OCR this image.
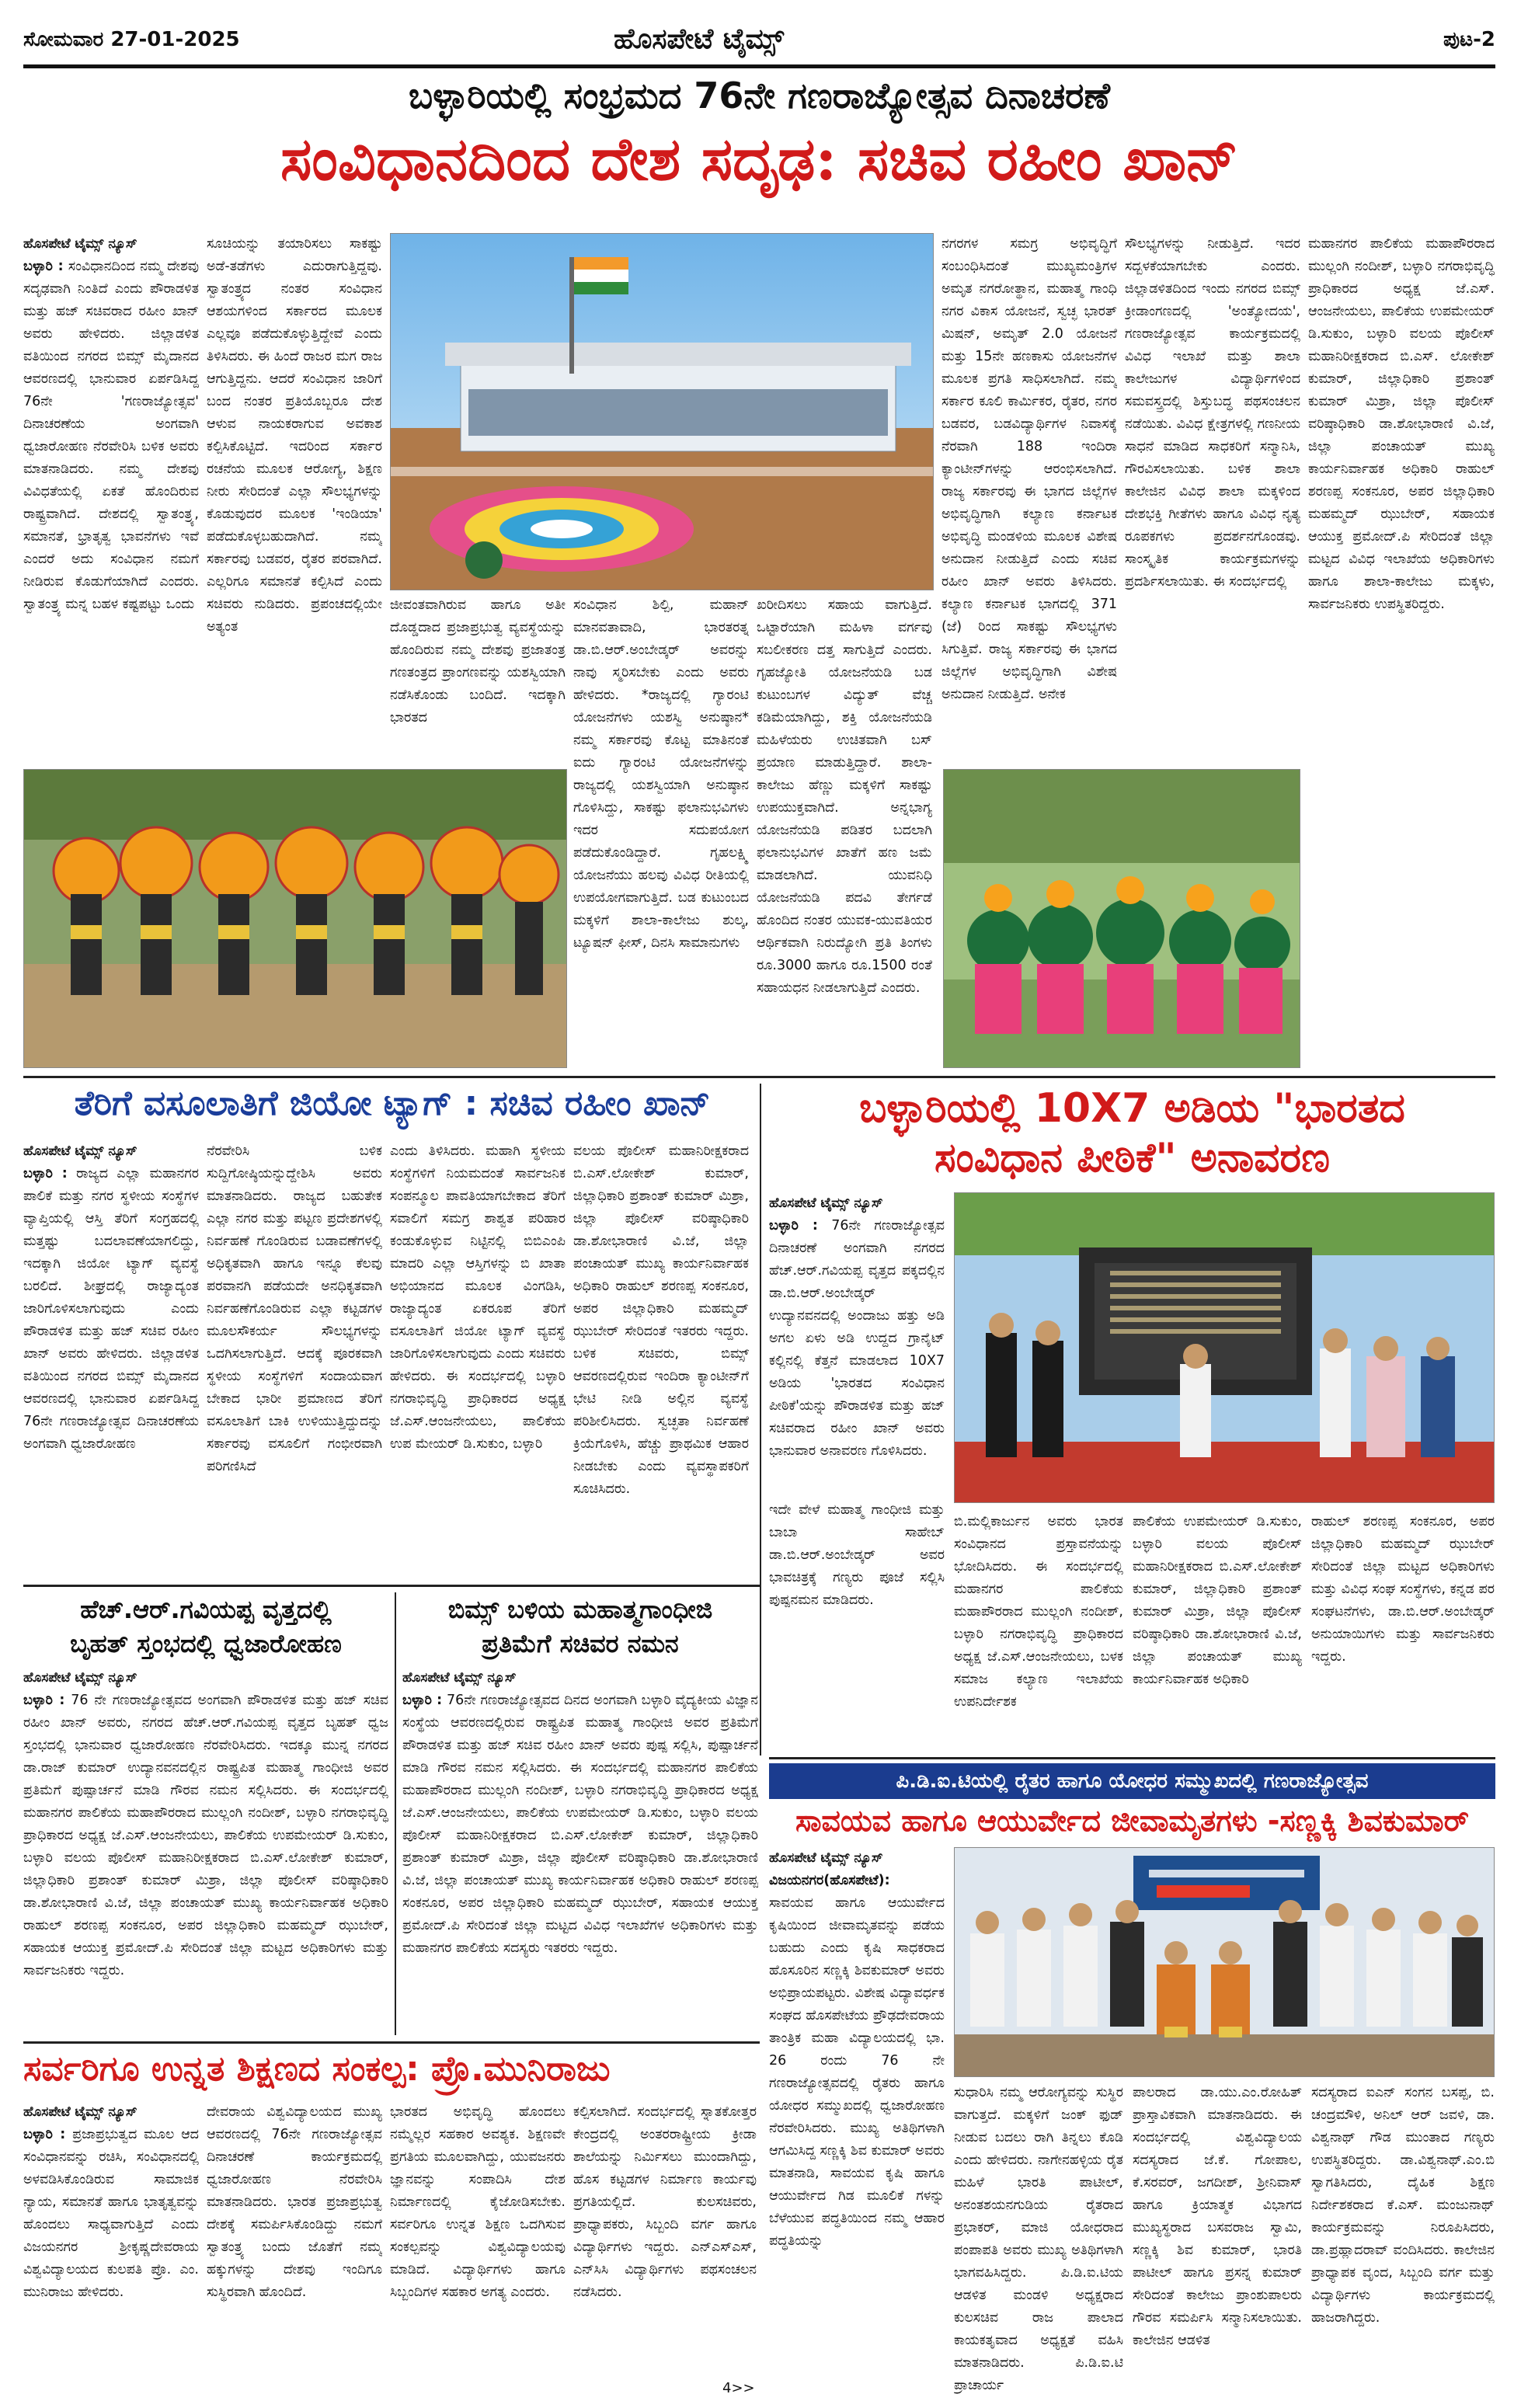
ಸೋಮವಾರ 27-01-2025	ಹೊಸಪೇಟೆ ಟೈಮ್ಸ್	ಪುಟ-2
ಬಳ್ಳಾರಿಯಲ್ಲಿ ಸಂಭ್ರಮದ 76ನೇ ಗಣರಾಜ್ಯೋತ್ಸವ ದಿನಾಚರಣೆ
ಸಂವಿಧಾನದಿಂದ ದೇಶ ಸದೃಢ: ಸಚಿವ ರಹೀಂ ಖಾನ್
ಹೊಸಪೇಟೆ ಟೈಮ್ಸ್ ನ್ಯೂಸ್
ಬಳ್ಳಾರಿ : ಸಂವಿಧಾನದಿಂದ ನಮ್ಮ ದೇಶವು ಸದೃಢವಾಗಿ ನಿಂತಿದೆ ಎಂದು ಪೌರಾಡಳಿತ ಮತ್ತು ಹಜ್ ಸಚಿವರಾದ ರಹೀಂ ಖಾನ್ ಅವರು ಹೇಳಿದರು. ಜಿಲ್ಲಾಡಳಿತ ವತಿಯಿಂದ ನಗರದ ಬಿಮ್ಸ್ ಮೈದಾನದ ಆವರಣದಲ್ಲಿ ಭಾನುವಾರ ಏರ್ಪಡಿಸಿದ್ದ 76ನೇ 'ಗಣರಾಜ್ಯೋತ್ಸವ' ದಿನಾಚರಣೆಯ ಅಂಗವಾಗಿ ಧ್ವಜಾರೋಹಣ ನೆರವೇರಿಸಿ ಬಳಿಕ ಅವರು ಮಾತನಾಡಿದರು. ನಮ್ಮ ದೇಶವು ವಿವಿಧತೆಯಲ್ಲಿ ಏಕತೆ ಹೊಂದಿರುವ ರಾಷ್ಟ್ರವಾಗಿದೆ. ದೇಶದಲ್ಲಿ ಸ್ವಾತಂತ್ರ್ಯ, ಸಮಾನತೆ, ಭ್ರಾತೃತ್ವ ಭಾವನೆಗಳು ಇವೆ ಎಂದರೆ ಅದು ಸಂವಿಧಾನ ನಮಗೆ ನೀಡಿರುವ ಕೊಡುಗೆಯಾಗಿದೆ ಎಂದರು. ಸ್ವಾತಂತ್ರ್ಯ ಮನ್ನ ಬಹಳ ಕಷ್ಟಪಟ್ಟು ಒಂದು
ಸೂಚಿಯನ್ನು ತಯಾರಿಸಲು ಸಾಕಷ್ಟು ಅಡೆ-ತಡೆಗಳು ಎದುರಾಗುತ್ತಿದ್ದವು. ಸ್ವಾತಂತ್ರ್ಯದ ನಂತರ ಸಂವಿಧಾನ ಆಶಯಗಳಿಂದ ಸರ್ಕಾರದ ಮೂಲಕ ಎಲ್ಲವೂ ಪಡೆದುಕೊಳ್ಳುತ್ತಿದ್ದೇವೆ ಎಂದು ತಿಳಿಸಿದರು. ಈ ಹಿಂದೆ ರಾಜರ ಮಗ ರಾಜ ಆಗುತ್ತಿದ್ದನು. ಆದರೆ ಸಂವಿಧಾನ ಜಾರಿಗೆ ಬಂದ ನಂತರ ಪ್ರತಿಯೊಬ್ಬರೂ ದೇಶ ಆಳುವ ನಾಯಕರಾಗುವ ಅವಕಾಶ ಕಲ್ಪಿಸಿಕೊಟ್ಟಿದೆ. ಇದರಿಂದ ಸರ್ಕಾರ ರಚನೆಯ ಮೂಲಕ ಆರೋಗ್ಯ, ಶಿಕ್ಷಣ ನೀರು ಸೇರಿದಂತೆ ಎಲ್ಲಾ ಸೌಲಭ್ಯಗಳನ್ನು ಕೊಡುವುದರ ಮೂಲಕ 'ಇಂಡಿಯಾ' ಪಡೆದುಕೊಳ್ಳಬಹುದಾಗಿದೆ. ನಮ್ಮ ಸರ್ಕಾರವು ಬಡವರ, ರೈತರ ಪರವಾಗಿದೆ. ಎಲ್ಲರಿಗೂ ಸಮಾನತೆ ಕಲ್ಪಿಸಿದೆ ಎಂದು ಸಚಿವರು ನುಡಿದರು. ಪ್ರಪಂಚದಲ್ಲಿಯೇ ಅತ್ಯಂತ
ಜೀವಂತವಾಗಿರುವ ಹಾಗೂ ಅತೀ ದೊಡ್ಡದಾದ ಪ್ರಜಾಪ್ರಭುತ್ವ ವ್ಯವಸ್ಥೆಯನ್ನು ಹೊಂದಿರುವ ನಮ್ಮ ದೇಶವು ಪ್ರಜಾತಂತ್ರ ಗಣತಂತ್ರದ ಪ್ರಾಂಗಣವನ್ನು ಯಶಸ್ವಿಯಾಗಿ ನಡೆಸಿಕೊಂಡು ಬಂದಿದೆ. ಇದಕ್ಕಾಗಿ ಭಾರತದ
ಸಂವಿಧಾನ ಶಿಲ್ಪಿ, ಮಹಾನ್ ಮಾನವತಾವಾದಿ, ಭಾರತರತ್ನ ಡಾ.ಬಿ.ಆರ್.ಅಂಬೇಡ್ಕರ್ ಅವರನ್ನು ನಾವು ಸ್ಮರಿಸಬೇಕು ಎಂದು ಅವರು ಹೇಳಿದರು. *ರಾಜ್ಯದಲ್ಲಿ ಗ್ಯಾರಂಟಿ ಯೋಜನೆಗಳು ಯಶಸ್ವಿ ಅನುಷ್ಠಾನ* ನಮ್ಮ ಸರ್ಕಾರವು ಕೊಟ್ಟ ಮಾತಿನಂತೆ ಐದು ಗ್ಯಾರಂಟಿ ಯೋಜನೆಗಳನ್ನು ರಾಜ್ಯದಲ್ಲಿ ಯಶಸ್ವಿಯಾಗಿ ಅನುಷ್ಠಾನ ಗೊಳಿಸಿದ್ದು, ಸಾಕಷ್ಟು ಫಲಾನುಭವಿಗಳು ಇದರ ಸದುಪಯೋಗ ಪಡೆದುಕೊಂಡಿದ್ದಾರೆ. ಗೃಹಲಕ್ಷ್ಮಿ ಯೋಜನೆಯು ಹಲವು ವಿವಿಧ ರೀತಿಯಲ್ಲಿ ಉಪಯೋಗವಾಗುತ್ತಿದೆ. ಬಡ ಕುಟುಂಬದ ಮಕ್ಕಳಿಗೆ ಶಾಲಾ-ಕಾಲೇಜು ಶುಲ್ಕ, ಟ್ಯೂಷನ್ ಫೀಸ್, ದಿನಸಿ ಸಾಮಾನುಗಳು
ಖರೀದಿಸಲು ಸಹಾಯ ವಾಗುತ್ತಿದೆ. ಒಟ್ಟಾರೆಯಾಗಿ ಮಹಿಳಾ ವರ್ಗವು ಸಬಲೀಕರಣ ದತ್ತ ಸಾಗುತ್ತಿದೆ ಎಂದರು. ಗೃಹಜ್ಯೋತಿ ಯೋಜನೆಯಡಿ ಬಡ ಕುಟುಂಬಗಳ ವಿದ್ಯುತ್ ವೆಚ್ಚ ಕಡಿಮೆಯಾಗಿದ್ದು, ಶಕ್ತಿ ಯೋಜನೆಯಡಿ ಮಹಿಳೆಯರು ಉಚಿತವಾಗಿ ಬಸ್ ಪ್ರಯಾಣ ಮಾಡುತ್ತಿದ್ದಾರೆ. ಶಾಲಾ-ಕಾಲೇಜು ಹೆಣ್ಣು ಮಕ್ಕಳಿಗೆ ಸಾಕಷ್ಟು ಉಪಯುಕ್ತವಾಗಿದೆ. ಅನ್ನಭಾಗ್ಯ ಯೋಜನೆಯಡಿ ಪಡಿತರ ಬದಲಾಗಿ ಫಲಾನುಭವಿಗಳ ಖಾತೆಗೆ ಹಣ ಜಮೆ ಮಾಡಲಾಗಿದೆ. ಯುವನಿಧಿ ಯೋಜನೆಯಡಿ ಪದವಿ ತೇರ್ಗಡೆ ಹೊಂದಿದ ನಂತರ ಯುವಕ-ಯುವತಿಯರ ಆರ್ಥಿಕವಾಗಿ ನಿರುದ್ಯೋಗಿ ಪ್ರತಿ ತಿಂಗಳು ರೂ.3000 ಹಾಗೂ ರೂ.1500 ರಂತೆ ಸಹಾಯಧನ ನೀಡಲಾಗುತ್ತಿದೆ ಎಂದರು.
ನಗರಗಳ ಸಮಗ್ರ ಅಭಿವೃದ್ಧಿಗೆ ಸಂಬಂಧಿಸಿದಂತೆ ಮುಖ್ಯಮಂತ್ರಿಗಳ ಅಮೃತ ನಗರೋತ್ಥಾನ, ಮಹಾತ್ಮ ಗಾಂಧಿ ನಗರ ವಿಕಾಸ ಯೋಜನೆ, ಸ್ವಚ್ಛ ಭಾರತ್ ಮಿಷನ್, ಅಮೃತ್ 2.0 ಯೋಜನೆ ಮತ್ತು 15ನೇ ಹಣಕಾಸು ಯೋಜನೆಗಳ ಮೂಲಕ ಪ್ರಗತಿ ಸಾಧಿಸಲಾಗಿದೆ. ನಮ್ಮ ಸರ್ಕಾರ ಕೂಲಿ ಕಾರ್ಮಿಕರ, ರೈತರ, ನಗರ ಬಡವರ, ಬಡವಿದ್ಯಾರ್ಥಿಗಳ ನಿವಾಸಕ್ಕೆ ನೆರವಾಗಿ 188 ಇಂದಿರಾ ಕ್ಯಾಂಟೀನ್‌ಗಳನ್ನು ಆರಂಭಿಸಲಾಗಿದೆ. ರಾಜ್ಯ ಸರ್ಕಾರವು ಈ ಭಾಗದ ಜಿಲ್ಲೆಗಳ ಅಭಿವೃದ್ಧಿಗಾಗಿ ಕಲ್ಯಾಣ ಕರ್ನಾಟಕ ಅಭಿವೃದ್ಧಿ ಮಂಡಳಿಯ ಮೂಲಕ ವಿಶೇಷ ಅನುದಾನ ನೀಡುತ್ತಿದೆ ಎಂದು ಸಚಿವ ರಹೀಂ ಖಾನ್ ಅವರು ತಿಳಿಸಿದರು. ಕಲ್ಯಾಣ ಕರ್ನಾಟಕ ಭಾಗದಲ್ಲಿ 371 (ಜೆ) ರಿಂದ ಸಾಕಷ್ಟು ಸೌಲಭ್ಯಗಳು ಸಿಗುತ್ತಿವೆ. ರಾಜ್ಯ ಸರ್ಕಾರವು ಈ ಭಾಗದ ಜಿಲ್ಲೆಗಳ ಅಭಿವೃದ್ಧಿಗಾಗಿ ವಿಶೇಷ ಅನುದಾನ ನೀಡುತ್ತಿದೆ. ಅನೇಕ
ಸೌಲಭ್ಯಗಳನ್ನು ನೀಡುತ್ತಿದೆ. ಇದರ ಸದ್ಬಳಕೆಯಾಗಬೇಕು ಎಂದರು. ಜಿಲ್ಲಾಡಳಿತದಿಂದ ಇಂದು ನಗರದ ಬಿಮ್ಸ್ ಕ್ರೀಡಾಂಗಣದಲ್ಲಿ 'ಅಂತ್ಯೋದಯ', ಗಣರಾಜ್ಯೋತ್ಸವ ಕಾರ್ಯಕ್ರಮದಲ್ಲಿ ವಿವಿಧ ಇಲಾಖೆ ಮತ್ತು ಶಾಲಾ ಕಾಲೇಜುಗಳ ವಿದ್ಯಾರ್ಥಿಗಳಿಂದ ಸಮವಸ್ತ್ರದಲ್ಲಿ ಶಿಸ್ತುಬದ್ಧ ಪಥಸಂಚಲನ ನಡೆಯಿತು. ವಿವಿಧ ಕ್ಷೇತ್ರಗಳಲ್ಲಿ ಗಣನೀಯ ಸಾಧನೆ ಮಾಡಿದ ಸಾಧಕರಿಗೆ ಸನ್ಮಾನಿಸಿ, ಗೌರವಿಸಲಾಯಿತು. ಬಳಿಕ ಶಾಲಾ ಕಾಲೇಜಿನ ವಿವಿಧ ಶಾಲಾ ಮಕ್ಕಳಿಂದ ದೇಶಭಕ್ತಿ ಗೀತೆಗಳು ಹಾಗೂ ವಿವಿಧ ನೃತ್ಯ ರೂಪಕಗಳು ಪ್ರದರ್ಶನಗೊಂಡವು. ಸಾಂಸ್ಕೃತಿಕ ಕಾರ್ಯಕ್ರಮಗಳನ್ನು ಪ್ರದರ್ಶಿಸಲಾಯಿತು. ಈ ಸಂದರ್ಭದಲ್ಲಿ
ಮಹಾನಗರ ಪಾಲಿಕೆಯ ಮಹಾಪೌರರಾದ ಮುಲ್ಲಂಗಿ ನಂದೀಶ್, ಬಳ್ಳಾರಿ ನಗರಾಭಿವೃದ್ಧಿ ಪ್ರಾಧಿಕಾರದ ಅಧ್ಯಕ್ಷ ಜೆ.ಎಸ್. ಆಂಜನೇಯಲು, ಪಾಲಿಕೆಯ ಉಪಮೇಯರ್ ಡಿ.ಸುಕುಂ, ಬಳ್ಳಾರಿ ವಲಯ ಪೊಲೀಸ್ ಮಹಾನಿರೀಕ್ಷಕರಾದ ಬಿ.ಎಸ್. ಲೋಕೇಶ್ ಕುಮಾರ್, ಜಿಲ್ಲಾಧಿಕಾರಿ ಪ್ರಶಾಂತ್ ಕುಮಾರ್ ಮಿಶ್ರಾ, ಜಿಲ್ಲಾ ಪೊಲೀಸ್ ವರಿಷ್ಠಾಧಿಕಾರಿ ಡಾ.ಶೋಭಾರಾಣಿ ವಿ.ಜೆ, ಜಿಲ್ಲಾ ಪಂಚಾಯತ್ ಮುಖ್ಯ ಕಾರ್ಯನಿರ್ವಾಹಕ ಅಧಿಕಾರಿ ರಾಹುಲ್ ಶರಣಪ್ಪ ಸಂಕನೂರ, ಅಪರ ಜಿಲ್ಲಾಧಿಕಾರಿ ಮಹಮ್ಮದ್ ಝುಬೇರ್, ಸಹಾಯಕ ಆಯುಕ್ತ ಪ್ರಮೋದ್.ಪಿ ಸೇರಿದಂತೆ ಜಿಲ್ಲಾ ಮಟ್ಟದ ವಿವಿಧ ಇಲಾಖೆಯ ಅಧಿಕಾರಿಗಳು ಹಾಗೂ ಶಾಲಾ-ಕಾಲೇಜು ಮಕ್ಕಳು, ಸಾರ್ವಜನಿಕರು ಉಪಸ್ಥಿತರಿದ್ದರು.
ತೆರಿಗೆ ವಸೂಲಾತಿಗೆ ಜಿಯೋ ಟ್ಯಾಗ್ : ಸಚಿವ ರಹೀಂ ಖಾನ್
ಹೊಸಪೇಟೆ ಟೈಮ್ಸ್ ನ್ಯೂಸ್
ಬಳ್ಳಾರಿ : ರಾಜ್ಯದ ಎಲ್ಲಾ ಮಹಾನಗರ ಪಾಲಿಕೆ ಮತ್ತು ನಗರ ಸ್ಥಳೀಯ ಸಂಸ್ಥೆಗಳ ವ್ಯಾಪ್ತಿಯಲ್ಲಿ ಆಸ್ತಿ ತೆರಿಗೆ ಸಂಗ್ರಹದಲ್ಲಿ ಮತ್ತಷ್ಟು ಬದಲಾವಣೆಯಾಗಲಿದ್ದು, ಇದಕ್ಕಾಗಿ ಜಿಯೋ ಟ್ಯಾಗ್ ವ್ಯವಸ್ಥೆ ಬರಲಿದೆ. ಶೀಘ್ರದಲ್ಲಿ ರಾಜ್ಯಾದ್ಯಂತ ಜಾರಿಗೊಳಿಸಲಾಗುವುದು ಎಂದು ಪೌರಾಡಳಿತ ಮತ್ತು ಹಜ್ ಸಚಿವ ರಹೀಂ ಖಾನ್ ಅವರು ಹೇಳಿದರು. ಜಿಲ್ಲಾಡಳಿತ ವತಿಯಿಂದ ನಗರದ ಬಿಮ್ಸ್ ಮೈದಾನದ ಆವರಣದಲ್ಲಿ ಭಾನುವಾರ ಏರ್ಪಡಿಸಿದ್ದ 76ನೇ ಗಣರಾಜ್ಯೋತ್ಸವ ದಿನಾಚರಣೆಯ ಅಂಗವಾಗಿ ಧ್ವಜಾರೋಹಣ
ನೆರವೇರಿಸಿ ಬಳಿಕ ಸುದ್ದಿಗೋಷ್ಠಿಯನ್ನುದ್ದೇಶಿಸಿ ಅವರು ಮಾತನಾಡಿದರು. ರಾಜ್ಯದ ಬಹುತೇಕ ಎಲ್ಲಾ ನಗರ ಮತ್ತು ಪಟ್ಟಣ ಪ್ರದೇಶಗಳಲ್ಲಿ ನಿರ್ವಹಣೆ ಗೊಂಡಿರುವ ಬಡಾವಣೆಗಳಲ್ಲಿ ಅಧಿಕೃತವಾಗಿ ಹಾಗೂ ಇನ್ನೂ ಕೆಲವು ಪರವಾನಗಿ ಪಡೆಯದೇ ಅನಧಿಕೃತವಾಗಿ ನಿರ್ವಹಣೆಗೊಂಡಿರುವ ಎಲ್ಲಾ ಕಟ್ಟಡಗಳ ಮೂಲಸೌಕರ್ಯ ಸೌಲಭ್ಯಗಳನ್ನು ಒದಗಿಸಲಾಗುತ್ತಿದೆ. ಆದಕ್ಕೆ ಪೂರಕವಾಗಿ ಸ್ಥಳೀಯ ಸಂಸ್ಥೆಗಳಿಗೆ ಸಂದಾಯವಾಗ ಬೇಕಾದ ಭಾರೀ ಪ್ರಮಾಣದ ತೆರಿಗೆ ವಸೂಲಾತಿಗೆ ಬಾಕಿ ಉಳಿಯುತ್ತಿದ್ದುದನ್ನು ಸರ್ಕಾರವು ವಸೂಲಿಗೆ ಗಂಭೀರವಾಗಿ ಪರಿಗಣಿಸಿದೆ
ಎಂದು ತಿಳಿಸಿದರು. ಮಹಾಗಿ ಸ್ಥಳೀಯ ಸಂಸ್ಥೆಗಳಿಗೆ ನಿಯಮದಂತೆ ಸಾರ್ವಜನಿಕ ಸಂಪನ್ಮೂಲ ಪಾವತಿಯಾಗಬೇಕಾದ ತೆರಿಗೆ ಸವಾಲಿಗೆ ಸಮಗ್ರ ಶಾಶ್ವತ ಪರಿಹಾರ ಕಂಡುಕೊಳ್ಳುವ ನಿಟ್ಟಿನಲ್ಲಿ ಬಿಬಿಎಂಪಿ ಮಾದರಿ ಎಲ್ಲಾ ಆಸ್ತಿಗಳನ್ನು ಬಿ ಖಾತಾ ಅಭಿಯಾನದ ಮೂಲಕ ವಿಂಗಡಿಸಿ, ರಾಜ್ಯಾದ್ಯಂತ ಏಕರೂಪ ತೆರಿಗೆ ವಸೂಲಾತಿಗೆ ಜಿಯೋ ಟ್ಯಾಗ್ ವ್ಯವಸ್ಥೆ ಜಾರಿಗೊಳಿಸಲಾಗುವುದು ಎಂದು ಸಚಿವರು ಹೇಳಿದರು. ಈ ಸಂದರ್ಭದಲ್ಲಿ ಬಳ್ಳಾರಿ ನಗರಾಭಿವೃದ್ಧಿ ಪ್ರಾಧಿಕಾರದ ಅಧ್ಯಕ್ಷ ಜೆ.ಎಸ್.ಆಂಜನೇಯಲು, ಪಾಲಿಕೆಯ ಉಪ ಮೇಯರ್ ಡಿ.ಸುಕುಂ, ಬಳ್ಳಾರಿ
ವಲಯ ಪೊಲೀಸ್ ಮಹಾನಿರೀಕ್ಷಕರಾದ ಬಿ.ಎಸ್.ಲೋಕೇಶ್ ಕುಮಾರ್, ಜಿಲ್ಲಾಧಿಕಾರಿ ಪ್ರಶಾಂತ್ ಕುಮಾರ್ ಮಿಶ್ರಾ, ಜಿಲ್ಲಾ ಪೊಲೀಸ್ ವರಿಷ್ಠಾಧಿಕಾರಿ ಡಾ.ಶೋಭಾರಾಣಿ ವಿ.ಜೆ, ಜಿಲ್ಲಾ ಪಂಚಾಯತ್ ಮುಖ್ಯ ಕಾರ್ಯನಿರ್ವಾಹಕ ಅಧಿಕಾರಿ ರಾಹುಲ್ ಶರಣಪ್ಪ ಸಂಕನೂರ, ಅಪರ ಜಿಲ್ಲಾಧಿಕಾರಿ ಮಹಮ್ಮದ್ ಝುಬೇರ್ ಸೇರಿದಂತೆ ಇತರರು ಇದ್ದರು. ಬಳಿಕ ಸಚಿವರು, ಬಿಮ್ಸ್ ಆವರಣದಲ್ಲಿರುವ ಇಂದಿರಾ ಕ್ಯಾಂಟೀನ್‌ಗೆ ಭೇಟಿ ನೀಡಿ ಅಲ್ಲಿನ ವ್ಯವಸ್ಥೆ ಪರಿಶೀಲಿಸಿದರು. ಸ್ವಚ್ಛತಾ ನಿರ್ವಹಣೆ ಕ್ರಿಯೆಗೊಳಿಸಿ, ಹೆಚ್ಚು ಪ್ರಾಥಮಿಕ ಆಹಾರ ನೀಡಬೇಕು ಎಂದು ವ್ಯವಸ್ಥಾಪಕರಿಗೆ ಸೂಚಿಸಿದರು.
ಬಳ್ಳಾರಿಯಲ್ಲಿ 10X7 ಅಡಿಯ "ಭಾರತದ
ಸಂವಿಧಾನ ಪೀಠಿಕೆ" ಅನಾವರಣ
ಹೊಸಪೇಟೆ ಟೈಮ್ಸ್ ನ್ಯೂಸ್
ಬಳ್ಳಾರಿ : 76ನೇ ಗಣರಾಜ್ಯೋತ್ಸವ ದಿನಾಚರಣೆ ಅಂಗವಾಗಿ ನಗರದ ಹೆಚ್.ಆರ್.ಗವಿಯಪ್ಪ ವೃತ್ತದ ಪಕ್ಕದಲ್ಲಿನ ಡಾ.ಬಿ.ಆರ್.ಅಂಬೇಡ್ಕರ್ ಉದ್ಯಾನವನದಲ್ಲಿ ಅಂದಾಜು ಹತ್ತು ಅಡಿ ಅಗಲ ಏಳು ಅಡಿ ಉದ್ದದ ಗ್ರಾನೈಟ್ ಕಲ್ಲಿನಲ್ಲಿ ಕೆತ್ತನೆ ಮಾಡಲಾದ 10X7 ಅಡಿಯ 'ಭಾರತದ ಸಂವಿಧಾನ ಪೀಠಿಕೆ'ಯನ್ನು ಪೌರಾಡಳಿತ ಮತ್ತು ಹಜ್ ಸಚಿವರಾದ ರಹೀಂ ಖಾನ್ ಅವರು ಭಾನುವಾರ ಅನಾವರಣ ಗೊಳಿಸಿದರು.
ಇದೇ ವೇಳೆ ಮಹಾತ್ಮ ಗಾಂಧೀಜಿ ಮತ್ತು ಬಾಬಾ ಸಾಹೇಬ್ ಡಾ.ಬಿ.ಆರ್.ಅಂಬೇಡ್ಕರ್ ಅವರ ಭಾವಚಿತ್ರಕ್ಕೆ ಗಣ್ಯರು ಪೂಜೆ ಸಲ್ಲಿಸಿ ಪುಷ್ಪನಮನ ಮಾಡಿದರು.
ಬಿ.ಮಲ್ಲಿಕಾರ್ಜುನ ಅವರು ಭಾರತ ಸಂವಿಧಾನದ ಪ್ರಸ್ತಾವನೆಯನ್ನು ಭೋದಿಸಿದರು. ಈ ಸಂದರ್ಭದಲ್ಲಿ ಮಹಾನಗರ ಪಾಲಿಕೆಯ ಮಹಾಪೌರರಾದ ಮುಲ್ಲಂಗಿ ನಂದೀಶ್, ಬಳ್ಳಾರಿ ನಗರಾಭಿವೃದ್ಧಿ ಪ್ರಾಧಿಕಾರದ ಅಧ್ಯಕ್ಷ ಜೆ.ಎಸ್.ಆಂಜನೇಯಲು, ಬಳಕ ಸಮಾಜ ಕಲ್ಯಾಣ ಇಲಾಖೆಯ ಉಪನಿರ್ದೇಶಕ
ಪಾಲಿಕೆಯ ಉಪಮೇಯರ್ ಡಿ.ಸುಕುಂ, ಬಳ್ಳಾರಿ ವಲಯ ಪೊಲೀಸ್ ಮಹಾನಿರೀಕ್ಷಕರಾದ ಬಿ.ಎಸ್.ಲೋಕೇಶ್ ಕುಮಾರ್, ಜಿಲ್ಲಾಧಿಕಾರಿ ಪ್ರಶಾಂತ್ ಕುಮಾರ್ ಮಿಶ್ರಾ, ಜಿಲ್ಲಾ ಪೊಲೀಸ್ ವರಿಷ್ಠಾಧಿಕಾರಿ ಡಾ.ಶೋಭಾರಾಣಿ ವಿ.ಜೆ, ಜಿಲ್ಲಾ ಪಂಚಾಯತ್ ಮುಖ್ಯ ಕಾರ್ಯನಿರ್ವಾಹಕ ಅಧಿಕಾರಿ
ರಾಹುಲ್ ಶರಣಪ್ಪ ಸಂಕನೂರ, ಅಪರ ಜಿಲ್ಲಾಧಿಕಾರಿ ಮಹಮ್ಮದ್ ಝುಬೇರ್ ಸೇರಿದಂತೆ ಜಿಲ್ಲಾ ಮಟ್ಟದ ಅಧಿಕಾರಿಗಳು ಮತ್ತು ವಿವಿಧ ಸಂಘ ಸಂಸ್ಥೆಗಳು, ಕನ್ನಡ ಪರ ಸಂಘಟನೆಗಳು, ಡಾ.ಬಿ.ಆರ್.ಅಂಬೇಡ್ಕರ್ ಅನುಯಾಯಿಗಳು ಮತ್ತು ಸಾರ್ವಜನಿಕರು ಇದ್ದರು.
ಹೆಚ್.ಆರ್.ಗವಿಯಪ್ಪ ವೃತ್ತದಲ್ಲಿ
ಬೃಹತ್ ಸ್ತಂಭದಲ್ಲಿ ಧ್ವಜಾರೋಹಣ
ಹೊಸಪೇಟೆ ಟೈಮ್ಸ್ ನ್ಯೂಸ್
ಬಳ್ಳಾರಿ : 76 ನೇ ಗಣರಾಜ್ಯೋತ್ಸವದ ಅಂಗವಾಗಿ ಪೌರಾಡಳಿತ ಮತ್ತು ಹಜ್ ಸಚಿವ ರಹೀಂ ಖಾನ್ ಅವರು, ನಗರದ ಹೆಚ್.ಆರ್.ಗವಿಯಪ್ಪ ವೃತ್ತದ ಬೃಹತ್ ಧ್ವಜ ಸ್ತಂಭದಲ್ಲಿ ಭಾನುವಾರ ಧ್ವಜಾರೋಹಣ ನೆರವೇರಿಸಿದರು. ಇದಕ್ಕೂ ಮುನ್ನ ನಗರದ ಡಾ.ರಾಜ್ ಕುಮಾರ್ ಉದ್ಯಾನವನದಲ್ಲಿನ ರಾಷ್ಟ್ರಪಿತ ಮಹಾತ್ಮ ಗಾಂಧೀಜಿ ಅವರ ಪ್ರತಿಮೆಗೆ ಪುಷ್ಪಾರ್ಚನೆ ಮಾಡಿ ಗೌರವ ನಮನ ಸಲ್ಲಿಸಿದರು. ಈ ಸಂದರ್ಭದಲ್ಲಿ ಮಹಾನಗರ ಪಾಲಿಕೆಯ ಮಹಾಪೌರರಾದ ಮುಲ್ಲಂಗಿ ನಂದೀಶ್, ಬಳ್ಳಾರಿ ನಗರಾಭಿವೃದ್ಧಿ ಪ್ರಾಧಿಕಾರದ ಅಧ್ಯಕ್ಷ ಜೆ.ಎಸ್.ಆಂಜನೇಯಲು, ಪಾಲಿಕೆಯ ಉಪಮೇಯರ್ ಡಿ.ಸುಕುಂ, ಬಳ್ಳಾರಿ ವಲಯ ಪೊಲೀಸ್ ಮಹಾನಿರೀಕ್ಷಕರಾದ ಬಿ.ಎಸ್.ಲೋಕೇಶ್ ಕುಮಾರ್, ಜಿಲ್ಲಾಧಿಕಾರಿ ಪ್ರಶಾಂತ್ ಕುಮಾರ್ ಮಿಶ್ರಾ, ಜಿಲ್ಲಾ ಪೊಲೀಸ್ ವರಿಷ್ಠಾಧಿಕಾರಿ ಡಾ.ಶೋಭಾರಾಣಿ ವಿ.ಜೆ, ಜಿಲ್ಲಾ ಪಂಚಾಯತ್ ಮುಖ್ಯ ಕಾರ್ಯನಿರ್ವಾಹಕ ಅಧಿಕಾರಿ ರಾಹುಲ್ ಶರಣಪ್ಪ ಸಂಕನೂರ, ಅಪರ ಜಿಲ್ಲಾಧಿಕಾರಿ ಮಹಮ್ಮದ್ ಝುಬೇರ್, ಸಹಾಯಕ ಆಯುಕ್ತ ಪ್ರಮೋದ್.ಪಿ ಸೇರಿದಂತೆ ಜಿಲ್ಲಾ ಮಟ್ಟದ ಅಧಿಕಾರಿಗಳು ಮತ್ತು ಸಾರ್ವಜನಿಕರು ಇದ್ದರು.
ಬಿಮ್ಸ್ ಬಳಿಯ ಮಹಾತ್ಮಗಾಂಧೀಜಿ
ಪ್ರತಿಮೆಗೆ ಸಚಿವರ ನಮನ
ಹೊಸಪೇಟೆ ಟೈಮ್ಸ್ ನ್ಯೂಸ್
ಬಳ್ಳಾರಿ : 76ನೇ ಗಣರಾಜ್ಯೋತ್ಸವದ ದಿನದ ಅಂಗವಾಗಿ ಬಳ್ಳಾರಿ ವೈದ್ಯಕೀಯ ವಿಜ್ಞಾನ ಸಂಸ್ಥೆಯ ಆವರಣದಲ್ಲಿರುವ ರಾಷ್ಟ್ರಪಿತ ಮಹಾತ್ಮ ಗಾಂಧೀಜಿ ಅವರ ಪ್ರತಿಮೆಗೆ ಪೌರಾಡಳಿತ ಮತ್ತು ಹಜ್ ಸಚಿವ ರಹೀಂ ಖಾನ್ ಅವರು ಪುಷ್ಪ ಸಲ್ಲಿಸಿ, ಪುಷ್ಪಾರ್ಚನೆ ಮಾಡಿ ಗೌರವ ನಮನ ಸಲ್ಲಿಸಿದರು. ಈ ಸಂದರ್ಭದಲ್ಲಿ ಮಹಾನಗರ ಪಾಲಿಕೆಯ ಮಹಾಪೌರರಾದ ಮುಲ್ಲಂಗಿ ನಂದೀಶ್, ಬಳ್ಳಾರಿ ನಗರಾಭಿವೃದ್ಧಿ ಪ್ರಾಧಿಕಾರದ ಅಧ್ಯಕ್ಷ ಜೆ.ಎಸ್.ಆಂಜನೇಯಲು, ಪಾಲಿಕೆಯ ಉಪಮೇಯರ್ ಡಿ.ಸುಕುಂ, ಬಳ್ಳಾರಿ ವಲಯ ಪೊಲೀಸ್ ಮಹಾನಿರೀಕ್ಷಕರಾದ ಬಿ.ಎಸ್.ಲೋಕೇಶ್ ಕುಮಾರ್, ಜಿಲ್ಲಾಧಿಕಾರಿ ಪ್ರಶಾಂತ್ ಕುಮಾರ್ ಮಿಶ್ರಾ, ಜಿಲ್ಲಾ ಪೊಲೀಸ್ ವರಿಷ್ಠಾಧಿಕಾರಿ ಡಾ.ಶೋಭಾರಾಣಿ ವಿ.ಜೆ, ಜಿಲ್ಲಾ ಪಂಚಾಯತ್ ಮುಖ್ಯ ಕಾರ್ಯನಿರ್ವಾಹಕ ಅಧಿಕಾರಿ ರಾಹುಲ್ ಶರಣಪ್ಪ ಸಂಕನೂರ, ಅಪರ ಜಿಲ್ಲಾಧಿಕಾರಿ ಮಹಮ್ಮದ್ ಝುಬೇರ್, ಸಹಾಯಕ ಆಯುಕ್ತ ಪ್ರಮೋದ್.ಪಿ ಸೇರಿದಂತೆ ಜಿಲ್ಲಾ ಮಟ್ಟದ ವಿವಿಧ ಇಲಾಖೆಗಳ ಅಧಿಕಾರಿಗಳು ಮತ್ತು ಮಹಾನಗರ ಪಾಲಿಕೆಯ ಸದಸ್ಯರು ಇತರರು ಇದ್ದರು.
ಪಿ.ಡಿ.ಐ.ಟಿಯಲ್ಲಿ ರೈತರ ಹಾಗೂ ಯೋಧರ ಸಮ್ಮುಖದಲ್ಲಿ ಗಣರಾಜ್ಯೋತ್ಸವ
ಸಾವಯವ ಹಾಗೂ ಆಯುರ್ವೇದ ಜೀವಾಮೃತಗಳು -ಸಣ್ಣಕ್ಕಿ ಶಿವಕುಮಾರ್
ಹೊಸಪೇಟೆ ಟೈಮ್ಸ್ ನ್ಯೂಸ್
ವಿಜಯನಗರ(ಹೊಸಪೇಟೆ):
ಸಾವಯವ ಹಾಗೂ ಆಯುರ್ವೇದ ಕೃಷಿಯಿಂದ ಜೀವಾಮೃತವನ್ನು ಪಡೆಯ ಬಹುದು ಎಂದು ಕೃಷಿ ಸಾಧಕರಾದ ಹೊಸೂರಿನ ಸಣ್ಣಕ್ಕಿ ಶಿವಕುಮಾರ್ ಅವರು ಅಭಿಪ್ರಾಯಪಟ್ಟರು. ವಿಶೇಷ ವಿದ್ಯಾವರ್ಧಕ ಸಂಘದ ಹೊಸಪೇಟೆಯ ಪ್ರೌಢದೇವರಾಯ ತಾಂತ್ರಿಕ ಮಹಾ ವಿದ್ಯಾಲಯದಲ್ಲಿ ಭಾ. 26 ರಂದು 76 ನೇ ಗಣರಾಜ್ಯೋತ್ಸವದಲ್ಲಿ ರೈತರು ಹಾಗೂ ಯೋಧರ ಸಮ್ಮುಖದಲ್ಲಿ ಧ್ವಜಾರೋಹಣ ನೆರವೇರಿಸಿದರು. ಮುಖ್ಯ ಅತಿಥಿಗಳಾಗಿ ಆಗಮಿಸಿದ್ದ ಸಣ್ಣಕ್ಕಿ ಶಿವ ಕುಮಾರ್ ಅವರು ಮಾತನಾಡಿ, ಸಾವಯವ ಕೃಷಿ ಹಾಗೂ ಆಯುರ್ವೇದ ಗಿಡ ಮೂಲಿಕೆ ಗಳನ್ನು ಬೆಳೆಯುವ ಪದ್ಧತಿಯಿಂದ ನಮ್ಮ ಆಹಾರ ಪದ್ಧತಿಯನ್ನು
ಸುಧಾರಿಸಿ ನಮ್ಮ ಆರೋಗ್ಯವನ್ನು ಸುಸ್ಥಿರ ವಾಗುತ್ತದೆ. ಮಕ್ಕಳಿಗೆ ಜಂಕ್ ಫುಡ್ ನೀಡುವ ಬದಲು ರಾಗಿ ತಿನ್ನಲು ಕೊಡಿ ಎಂದು ಹೇಳಿದರು. ನಾಗೇನಹಳ್ಳಿಯ ರೈತ ಮಹಿಳೆ ಭಾರತಿ ಪಾಟೀಲ್, ಅನಂತಶಯನಗುಡಿಯ ರೈತರಾದ ಪ್ರಭಾಕರ್, ಮಾಜಿ ಯೋಧರಾದ ಪಂಪಾಪತಿ ಅವರು ಮುಖ್ಯ ಅತಿಥಿಗಳಾಗಿ ಭಾಗವಹಿಸಿದ್ದರು. ಪಿ.ಡಿ.ಐ.ಟಿಯ ಆಡಳಿತ ಮಂಡಳಿ ಅಧ್ಯಕ್ಷರಾದ ಕುಲಸಚಿವ ರಾಜ ಪಾಲಾದ ಕಾಯಕತೃವಾದ ಅಧ್ಯಕ್ಷತೆ ವಹಿಸಿ ಮಾತನಾಡಿದರು. ಪಿ.ಡಿ.ಐ.ಟಿ ಪ್ರಾಚಾರ್ಯ
ಪಾಲರಾದ ಡಾ.ಯು.ಎಂ.ರೋಹಿತ್ ಪ್ರಾಸ್ತಾವಿಕವಾಗಿ ಮಾತನಾಡಿದರು. ಈ ಸಂದರ್ಭದಲ್ಲಿ ವಿಶ್ವವಿದ್ಯಾಲಯ ಸದಸ್ಯರಾದ ಜೆ.ಕೆ. ಗೋಪಾಲ, ಕೆ.ಸರವರ್, ಜಗದೀಶ್, ಶ್ರೀನಿವಾಸ್ ಹಾಗೂ ಕ್ರಿಯಾತ್ಮಕ ವಿಭಾಗದ ಮುಖ್ಯಸ್ಥರಾದ ಬಸವರಾಜ ಸ್ವಾಮಿ, ಸಣ್ಣಕ್ಕಿ ಶಿವ ಕುಮಾರ್, ಭಾರತಿ ಪಾಟೀಲ್ ಹಾಗೂ ಪ್ರಸನ್ನ ಕುಮಾರ್ ಸೇರಿದಂತೆ ಕಾಲೇಜು ಪ್ರಾಂಶುಪಾಲರು ಗೌರವ ಸಮರ್ಪಿಸಿ ಸನ್ಮಾನಿಸಲಾಯಿತು. ಕಾಲೇಜಿನ ಆಡಳಿತ
ಸದಸ್ಯರಾದ ಐಎನ್ ಸಂಗನ ಬಸಪ್ಪ, ಬಿ. ಚಂದ್ರಮೌಳಿ, ಅನಿಲ್ ಆರ್ ಜವಳಿ, ಡಾ. ವಿಶ್ವನಾಥ್ ಗೌಡ ಮುಂತಾದ ಗಣ್ಯರು ಉಪಸ್ಥಿತರಿದ್ದರು. ಡಾ.ವಿಶ್ವನಾಥ್.ಎಂ.ಬಿ ಸ್ವಾಗತಿಸಿದರು, ದೈಹಿಕ ಶಿಕ್ಷಣ ನಿರ್ದೇಶಕರಾದ ಕೆ.ಎಸ್. ಮಂಜುನಾಥ್ ಕಾರ್ಯಕ್ರಮವನ್ನು ನಿರೂಪಿಸಿದರು, ಡಾ.ಪ್ರಹ್ಲಾದರಾವ್ ವಂದಿಸಿದರು. ಕಾಲೇಜಿನ ಪ್ರಾಧ್ಯಾಪಕ ವೃಂದ, ಸಿಬ್ಬಂದಿ ವರ್ಗ ಮತ್ತು ವಿದ್ಯಾರ್ಥಿಗಳು ಕಾರ್ಯಕ್ರಮದಲ್ಲಿ ಹಾಜರಾಗಿದ್ದರು.
ಸರ್ವರಿಗೂ ಉನ್ನತ ಶಿಕ್ಷಣದ ಸಂಕಲ್ಪ: ಪ್ರೊ.ಮುನಿರಾಜು
ಹೊಸಪೇಟೆ ಟೈಮ್ಸ್ ನ್ಯೂಸ್
ಬಳ್ಳಾರಿ : ಪ್ರಜಾಪ್ರಭುತ್ವದ ಮೂಲ ಆದ ಸಂವಿಧಾನವನ್ನು ರಚಿಸಿ, ಸಂವಿಧಾನದಲ್ಲಿ ಅಳವಡಿಸಿಕೊಂಡಿರುವ ಸಾಮಾಜಿಕ ನ್ಯಾಯ, ಸಮಾನತೆ ಹಾಗೂ ಭಾತೃತ್ವವನ್ನು ಹೊಂದಲು ಸಾಧ್ಯವಾಗುತ್ತಿದೆ ಎಂದು ವಿಜಯನಗರ ಶ್ರೀಕೃಷ್ಣದೇವರಾಯ ವಿಶ್ವವಿದ್ಯಾಲಯದ ಕುಲಪತಿ ಪ್ರೊ. ಎಂ. ಮುನಿರಾಜು ಹೇಳಿದರು.
ದೇವರಾಯ ವಿಶ್ವವಿದ್ಯಾಲಯದ ಮುಖ್ಯ ಆವರಣದಲ್ಲಿ 76ನೇ ಗಣರಾಜ್ಯೋತ್ಸವ ದಿನಾಚರಣೆ ಕಾರ್ಯಕ್ರಮದಲ್ಲಿ ಧ್ವಜಾರೋಹಣ ನೆರವೇರಿಸಿ ಮಾತನಾಡಿದರು. ಭಾರತ ಪ್ರಜಾಪ್ರಭುತ್ವ ದೇಶಕ್ಕೆ ಸಮರ್ಪಿಸಿಕೊಂಡಿದ್ದು ನಮಗೆ ಸ್ವಾತಂತ್ರ್ಯ ಬಂದು ಜೊತೆಗೆ ನಮ್ಮ ಹಕ್ಕುಗಳನ್ನು ದೇಶವು ಇಂದಿಗೂ ಸುಸ್ಥಿರವಾಗಿ ಹೊಂದಿದೆ.
ಭಾರತದ ಅಭಿವೃದ್ಧಿ ಹೊಂದಲು ನಮ್ಮೆಲ್ಲರ ಸಹಕಾರ ಅವಶ್ಯಕ. ಶಿಕ್ಷಣವೇ ಪ್ರಗತಿಯ ಮೂಲವಾಗಿದ್ದು, ಯುವಜನರು ಜ್ಞಾನವನ್ನು ಸಂಪಾದಿಸಿ ದೇಶ ನಿರ್ಮಾಣದಲ್ಲಿ ಕೈಜೋಡಿಸಬೇಕು. ಸರ್ವರಿಗೂ ಉನ್ನತ ಶಿಕ್ಷಣ ಒದಗಿಸುವ ಸಂಕಲ್ಪವನ್ನು ವಿಶ್ವವಿದ್ಯಾಲಯವು ಮಾಡಿದೆ. ವಿದ್ಯಾರ್ಥಿಗಳು ಹಾಗೂ ಸಿಬ್ಬಂದಿಗಳ ಸಹಕಾರ ಅಗತ್ಯ ಎಂದರು.
ಕಲ್ಪಿಸಲಾಗಿದೆ. ಸಂದರ್ಭದಲ್ಲಿ ಸ್ನಾತಕೋತ್ತರ ಕೇಂದ್ರದಲ್ಲಿ ಅಂತರರಾಷ್ಟ್ರೀಯ ಕ್ರೀಡಾ ಶಾಲೆಯನ್ನು ನಿರ್ಮಿಸಲು ಮುಂದಾಗಿದ್ದು, ಹೊಸ ಕಟ್ಟಡಗಳ ನಿರ್ಮಾಣ ಕಾರ್ಯವು ಪ್ರಗತಿಯಲ್ಲಿದೆ. ಕುಲಸಚಿವರು, ಪ್ರಾಧ್ಯಾಪಕರು, ಸಿಬ್ಬಂದಿ ವರ್ಗ ಹಾಗೂ ವಿದ್ಯಾರ್ಥಿಗಳು ಇದ್ದರು. ಎನ್‌ಎಸ್‌ಎಸ್, ಎನ್‌ಸಿಸಿ ವಿದ್ಯಾರ್ಥಿಗಳು ಪಥಸಂಚಲನ ನಡೆಸಿದರು.
4>>
